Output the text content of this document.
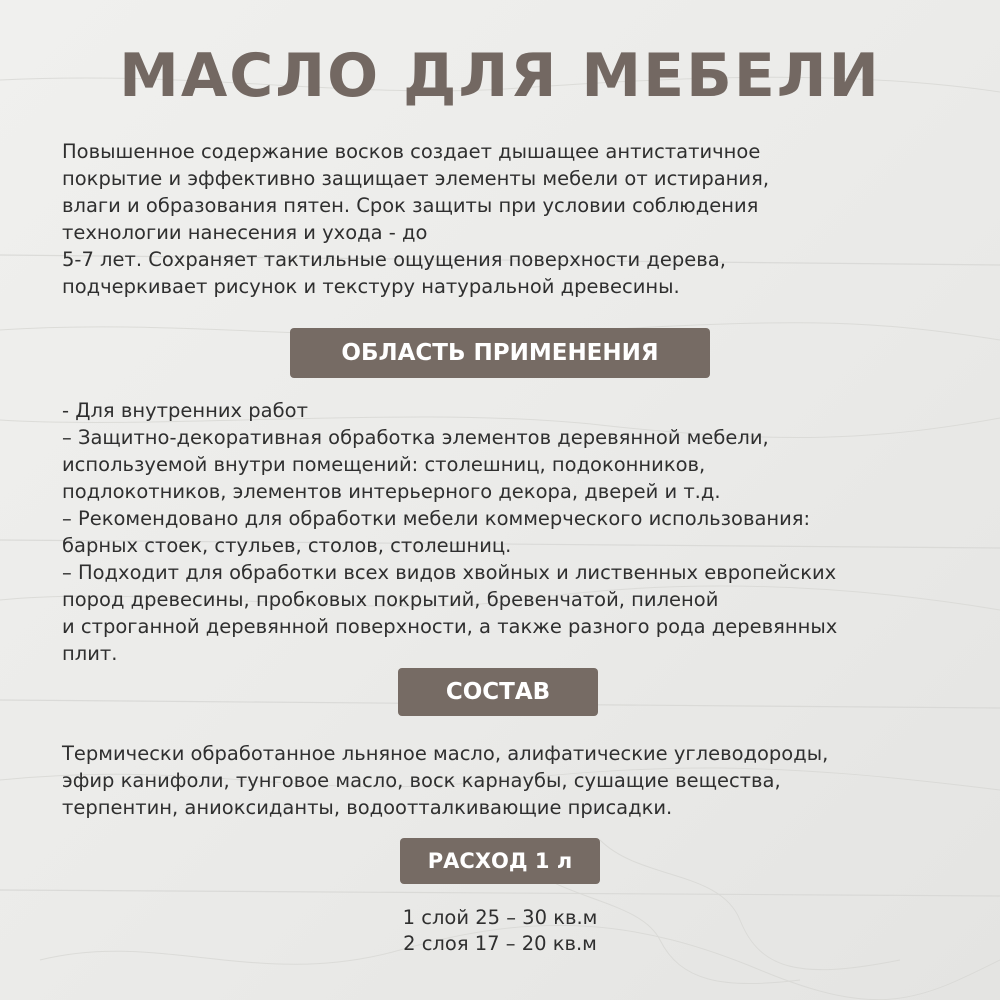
МАСЛО ДЛЯ МЕБЕЛИ

Повышенное содержание восков создает дышащее антистатичное
покрытие и эффективно защищает элементы мебели от истирания,
влаги и образования пятен. Срок защиты при условии соблюдения
технологии нанесения и ухода - до
5-7 лет. Сохраняет тактильные ощущения поверхности дерева,
подчеркивает рисунок и текстуру натуральной древесины.

ОБЛАСТЬ ПРИМЕНЕНИЯ

- Для внутренних работ
– Защитно-декоративная обработка элементов деревянной мебели,
используемой внутри помещений: столешниц, подоконников,
подлокотников, элементов интерьерного декора, дверей и т.д.
– Рекомендовано для обработки мебели коммерческого использования:
барных стоек, стульев, столов, столешниц.
– Подходит для обработки всех видов хвойных и лиственных европейских
пород древесины, пробковых покрытий, бревенчатой, пиленой
и строганной деревянной поверхности, а также разного рода деревянных
плит.

СОСТАВ

Термически обработанное льняное масло, алифатические углеводороды,
эфир канифоли, тунговое масло, воск карнаубы, сушащие вещества,
терпентин, аниоксиданты, водоотталкивающие присадки.

РАСХОД 1 л
1 слой 25 – 30 кв.м
2 слоя 17 – 20 кв.м
